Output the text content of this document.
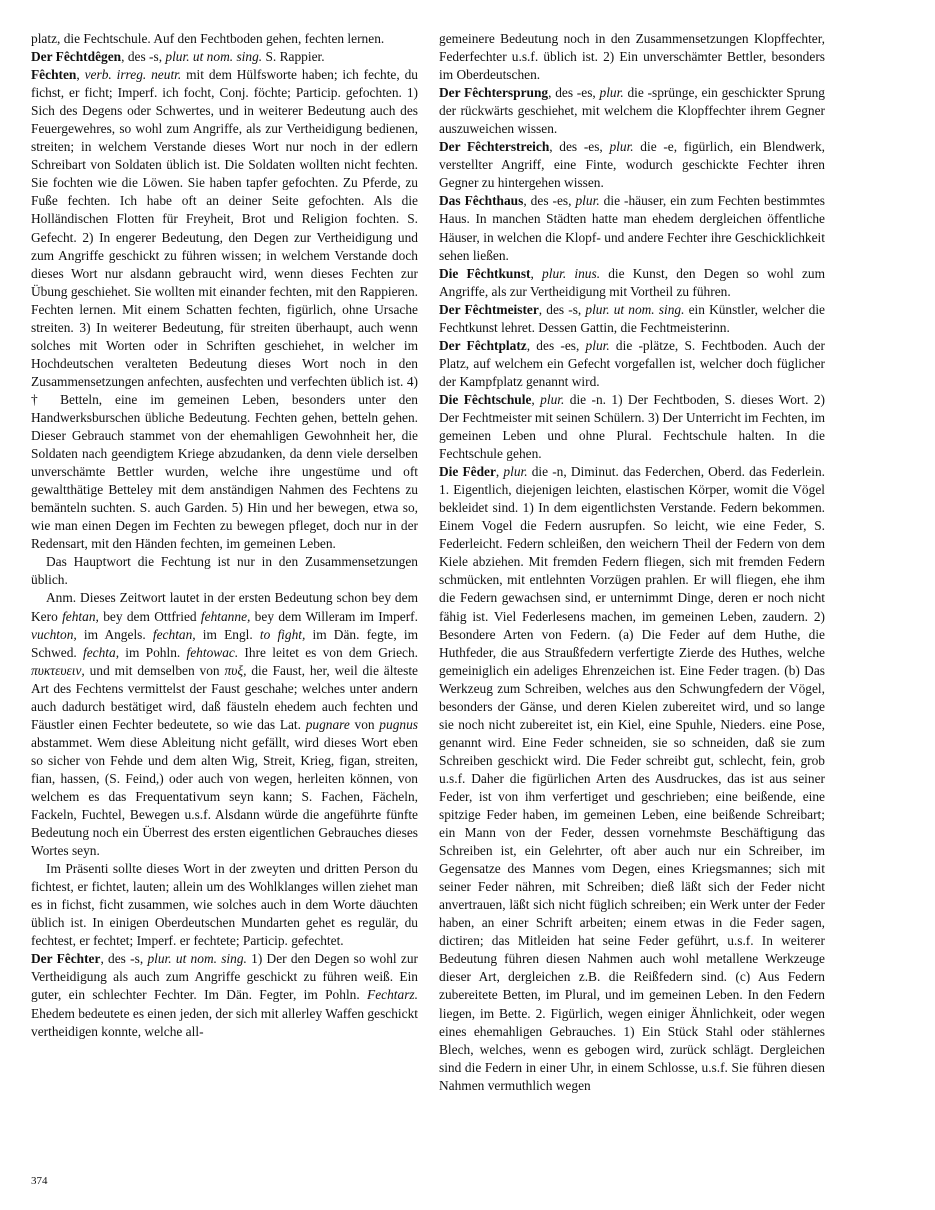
platz, die Fechtschule. Auf den Fechtboden gehen, fechten lernen.

Der Fêchtdêgen, des -s, plur. ut nom. sing. S. Rappier.

Fêchten, verb. irreg. neutr. mit dem Hülfsworte haben; ich fechte, du fichst, er ficht; Imperf. ich focht, Conj. föchte; Particip. gefochten. 1) Sich des Degens oder Schwertes, und in weiterer Bedeutung auch des Feuergewehres, so wohl zum Angriffe, als zur Vertheidigung bedienen, streiten; in welchem Verstande dieses Wort nur noch in der edlern Schreibart von Soldaten üblich ist. Die Soldaten wollten nicht fechten. Sie fochten wie die Löwen. Sie haben tapfer gefochten. Zu Pferde, zu Fuße fechten. Ich habe oft an deiner Seite gefochten. Als die Holländischen Flotten für Freyheit, Brot und Religion fochten. S. Gefecht. 2) In engerer Bedeutung, den Degen zur Vertheidigung und zum Angriffe geschickt zu führen wissen; in welchem Verstande doch dieses Wort nur alsdann gebraucht wird, wenn dieses Fechten zur Übung geschiehet. Sie wollten mit einander fechten, mit den Rappieren. Fechten lernen. Mit einem Schatten fechten, figürlich, ohne Ursache streiten. 3) In weiterer Bedeutung, für streiten überhaupt, auch wenn solches mit Worten oder in Schriften geschiehet, in welcher im Hochdeutschen veralteten Bedeutung dieses Wort noch in den Zusammensetzungen anfechten, ausfechten und verfechten üblich ist. 4) † Betteln, eine im gemeinen Leben, besonders unter den Handwerksburschen übliche Bedeutung. Fechten gehen, betteln gehen. Dieser Gebrauch stammet von der ehemahligen Gewohnheit her, die Soldaten nach geendigtem Kriege abzudanken, da denn viele derselben unverschämte Bettler wurden, welche ihre ungestüme und oft gewaltthätige Betteley mit dem anständigen Nahmen des Fechtens zu bemänteln suchten. S. auch Garden. 5) Hin und her bewegen, etwa so, wie man einen Degen im Fechten zu bewegen pfleget, doch nur in der Redensart, mit den Händen fechten, im gemeinen Leben.

Das Hauptwort die Fechtung ist nur in den Zusammensetzungen üblich.

Anm. Dieses Zeitwort lautet in der ersten Bedeutung schon bey dem Kero fehtan, bey dem Ottfried fehtanne, bey dem Willeram im Imperf. vuchton, im Angels. fechtan, im Engl. to fight, im Dän. fegte, im Schwed. fechta, im Pohln. fehtowac. Ihre leitet es von dem Griech. πυκτευειν, und mit demselben von πυξ, die Faust, her, weil die älteste Art des Fechtens vermittelst der Faust geschahe; welches unter andern auch dadurch bestätiget wird, daß fäusteln ehedem auch fechten und Fäustler einen Fechter bedeutete, so wie das Lat. pugnare von pugnus abstammet. Wem diese Ableitung nicht gefällt, wird dieses Wort eben so sicher von Fehde und dem alten Wig, Streit, Krieg, figan, streiten, fian, hassen, (S. Feind,) oder auch von wegen, herleiten können, von welchem es das Frequentativum seyn kann; S. Fachen, Fächeln, Fackeln, Fuchtel, Bewegen u.s.f. Alsdann würde die angeführte fünfte Bedeutung noch ein Überrest des ersten eigentlichen Gebrauches dieses Wortes seyn.

Im Präsenti sollte dieses Wort in der zweyten und dritten Person du fichtest, er fichtet, lauten; allein um des Wohlklanges willen ziehet man es in fichst, ficht zusammen, wie solches auch in dem Worte däuchten üblich ist. In einigen Oberdeutschen Mundarten gehet es regulär, du fechtest, er fechtet; Imperf. er fechtete; Particip. gefechtet.

Der Fêchter, des -s, plur. ut nom. sing. 1) Der den Degen so wohl zur Vertheidigung als auch zum Angriffe geschickt zu führen weiß. Ein guter, ein schlechter Fechter. Im Dän. Fegter, im Pohln. Fechtarz. Ehedem bedeutete es einen jeden, der sich mit allerley Waffen geschickt vertheidigen konnte, welche all-

gemeinere Bedeutung noch in den Zusammensetzungen Klopffechter, Federfechter u.s.f. üblich ist. 2) Ein unverschämter Bettler, besonders im Oberdeutschen.

Der Fêchtersprung, des -es, plur. die -sprünge, ein geschickter Sprung der rückwärts geschiehet, mit welchem die Klopffechter ihrem Gegner auszuweichen wissen.

Der Fêchterstreich, des -es, plur. die -e, figürlich, ein Blendwerk, verstellter Angriff, eine Finte, wodurch geschickte Fechter ihren Gegner zu hintergehen wissen.

Das Fêchthaus, des -es, plur. die -häuser, ein zum Fechten bestimmtes Haus. In manchen Städten hatte man ehedem dergleichen öffentliche Häuser, in welchen die Klopf- und andere Fechter ihre Geschicklichkeit sehen ließen.

Die Fêchtkunst, plur. inus. die Kunst, den Degen so wohl zum Angriffe, als zur Vertheidigung mit Vortheil zu führen.

Der Fêchtmeister, des -s, plur. ut nom. sing. ein Künstler, welcher die Fechtkunst lehret. Dessen Gattin, die Fechtmeisterinn.

Der Fêchtplatz, des -es, plur. die -plätze, S. Fechtboden. Auch der Platz, auf welchem ein Gefecht vorgefallen ist, welcher doch füglicher der Kampfplatz genannt wird.

Die Fêchtschule, plur. die -n. 1) Der Fechtboden, S. dieses Wort. 2) Der Fechtmeister mit seinen Schülern. 3) Der Unterricht im Fechten, im gemeinen Leben und ohne Plural. Fechtschule halten. In die Fechtschule gehen.

Die Fêder, plur. die -n, Diminut. das Federchen, Oberd. das Federlein. 1. Eigentlich, diejenigen leichten, elastischen Körper, womit die Vögel bekleidet sind. 1) In dem eigentlichsten Verstande. Federn bekommen. Einem Vogel die Federn ausrupfen. So leicht, wie eine Feder, S. Federleicht. Federn schleißen, den weichern Theil der Federn von dem Kiele abziehen. Mit fremden Federn fliegen, sich mit fremden Federn schmücken, mit entlehnten Vorzügen prahlen. Er will fliegen, ehe ihm die Federn gewachsen sind, er unternimmt Dinge, deren er noch nicht fähig ist. Viel Federlesens machen, im gemeinen Leben, zaudern. 2) Besondere Arten von Federn. (a) Die Feder auf dem Huthe, die Huthfeder, die aus Straußfedern verfertigte Zierde des Huthes, welche gemeiniglich ein adeliges Ehrenzeichen ist. Eine Feder tragen. (b) Das Werkzeug zum Schreiben, welches aus den Schwungfedern der Vögel, besonders der Gänse, und deren Kielen zubereitet wird, und so lange sie noch nicht zubereitet ist, ein Kiel, eine Spuhle, Nieders. eine Pose, genannt wird. Eine Feder schneiden, sie so schneiden, daß sie zum Schreiben geschickt wird. Die Feder schreibt gut, schlecht, fein, grob u.s.f. Daher die figürlichen Arten des Ausdruckes, das ist aus seiner Feder, ist von ihm verfertiget und geschrieben; eine beißende, eine spitzige Feder haben, im gemeinen Leben, eine beißende Schreibart; ein Mann von der Feder, dessen vornehmste Beschäftigung das Schreiben ist, ein Gelehrter, oft aber auch nur ein Schreiber, im Gegensatze des Mannes vom Degen, eines Kriegsmannes; sich mit seiner Feder nähren, mit Schreiben; dieß läßt sich der Feder nicht anvertrauen, läßt sich nicht füglich schreiben; ein Werk unter der Feder haben, an einer Schrift arbeiten; einem etwas in die Feder sagen, dictiren; das Mitleiden hat seine Feder geführt, u.s.f. In weiterer Bedeutung führen diesen Nahmen auch wohl metallene Werkzeuge dieser Art, dergleichen z.B. die Reißfedern sind. (c) Aus Federn zubereitete Betten, im Plural, und im gemeinen Leben. In den Federn liegen, im Bette. 2. Figürlich, wegen einiger Ähnlichkeit, oder wegen eines ehemahligen Gebrauches. 1) Ein Stück Stahl oder stählernes Blech, welches, wenn es gebogen wird, zurück schlägt. Dergleichen sind die Federn in einer Uhr, in einem Schlosse, u.s.f. Sie führen diesen Nahmen vermuthlich wegen

374
